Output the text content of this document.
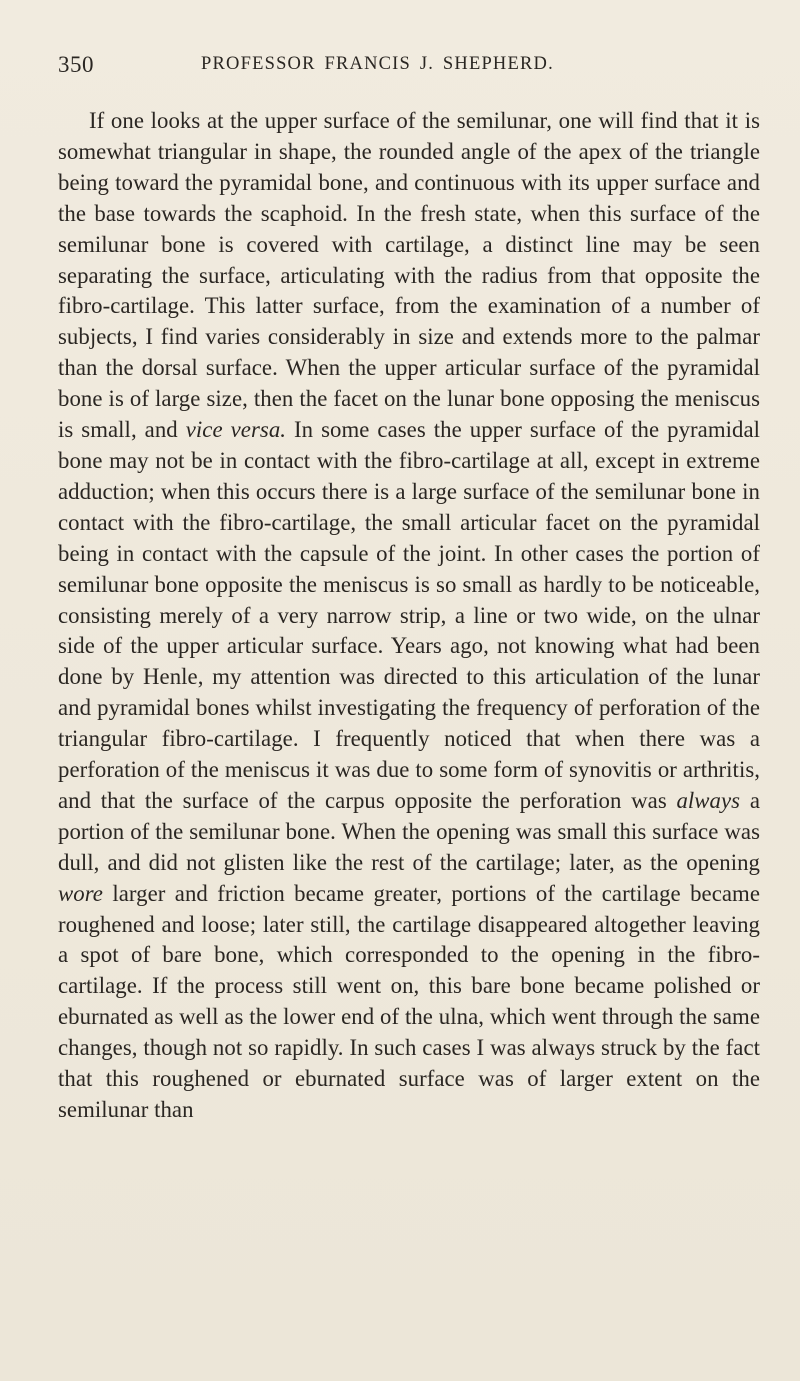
350	PROFESSOR FRANCIS J. SHEPHERD.

If one looks at the upper surface of the semilunar, one will find that it is somewhat triangular in shape, the rounded angle of the apex of the triangle being toward the pyramidal bone, and continuous with its upper surface and the base towards the scaphoid. In the fresh state, when this surface of the semilunar bone is covered with cartilage, a distinct line may be seen separating the surface, articulating with the radius from that opposite the fibro-cartilage. This latter surface, from the examination of a number of subjects, I find varies considerably in size and extends more to the palmar than the dorsal surface. When the upper articular surface of the pyramidal bone is of large size, then the facet on the lunar bone opposing the meniscus is small, and vice versa. In some cases the upper surface of the pyramidal bone may not be in contact with the fibro-cartilage at all, except in extreme adduction; when this occurs there is a large surface of the semilunar bone in contact with the fibro-cartilage, the small articular facet on the pyramidal being in contact with the capsule of the joint. In other cases the portion of semilunar bone opposite the meniscus is so small as hardly to be noticeable, consisting merely of a very narrow strip, a line or two wide, on the ulnar side of the upper articular surface. Years ago, not knowing what had been done by Henle, my attention was directed to this articulation of the lunar and pyramidal bones whilst investigating the frequency of perforation of the triangular fibro-cartilage. I frequently noticed that when there was a perforation of the meniscus it was due to some form of synovitis or arthritis, and that the surface of the carpus opposite the perforation was always a portion of the semilunar bone. When the opening was small this surface was dull, and did not glisten like the rest of the cartilage; later, as the opening wore larger and friction became greater, portions of the cartilage became roughened and loose; later still, the cartilage disappeared altogether leaving a spot of bare bone, which corresponded to the opening in the fibro-cartilage. If the process still went on, this bare bone became polished or eburnated as well as the lower end of the ulna, which went through the same changes, though not so rapidly. In such cases I was always struck by the fact that this roughened or eburnated surface was of larger extent on the semilunar than
